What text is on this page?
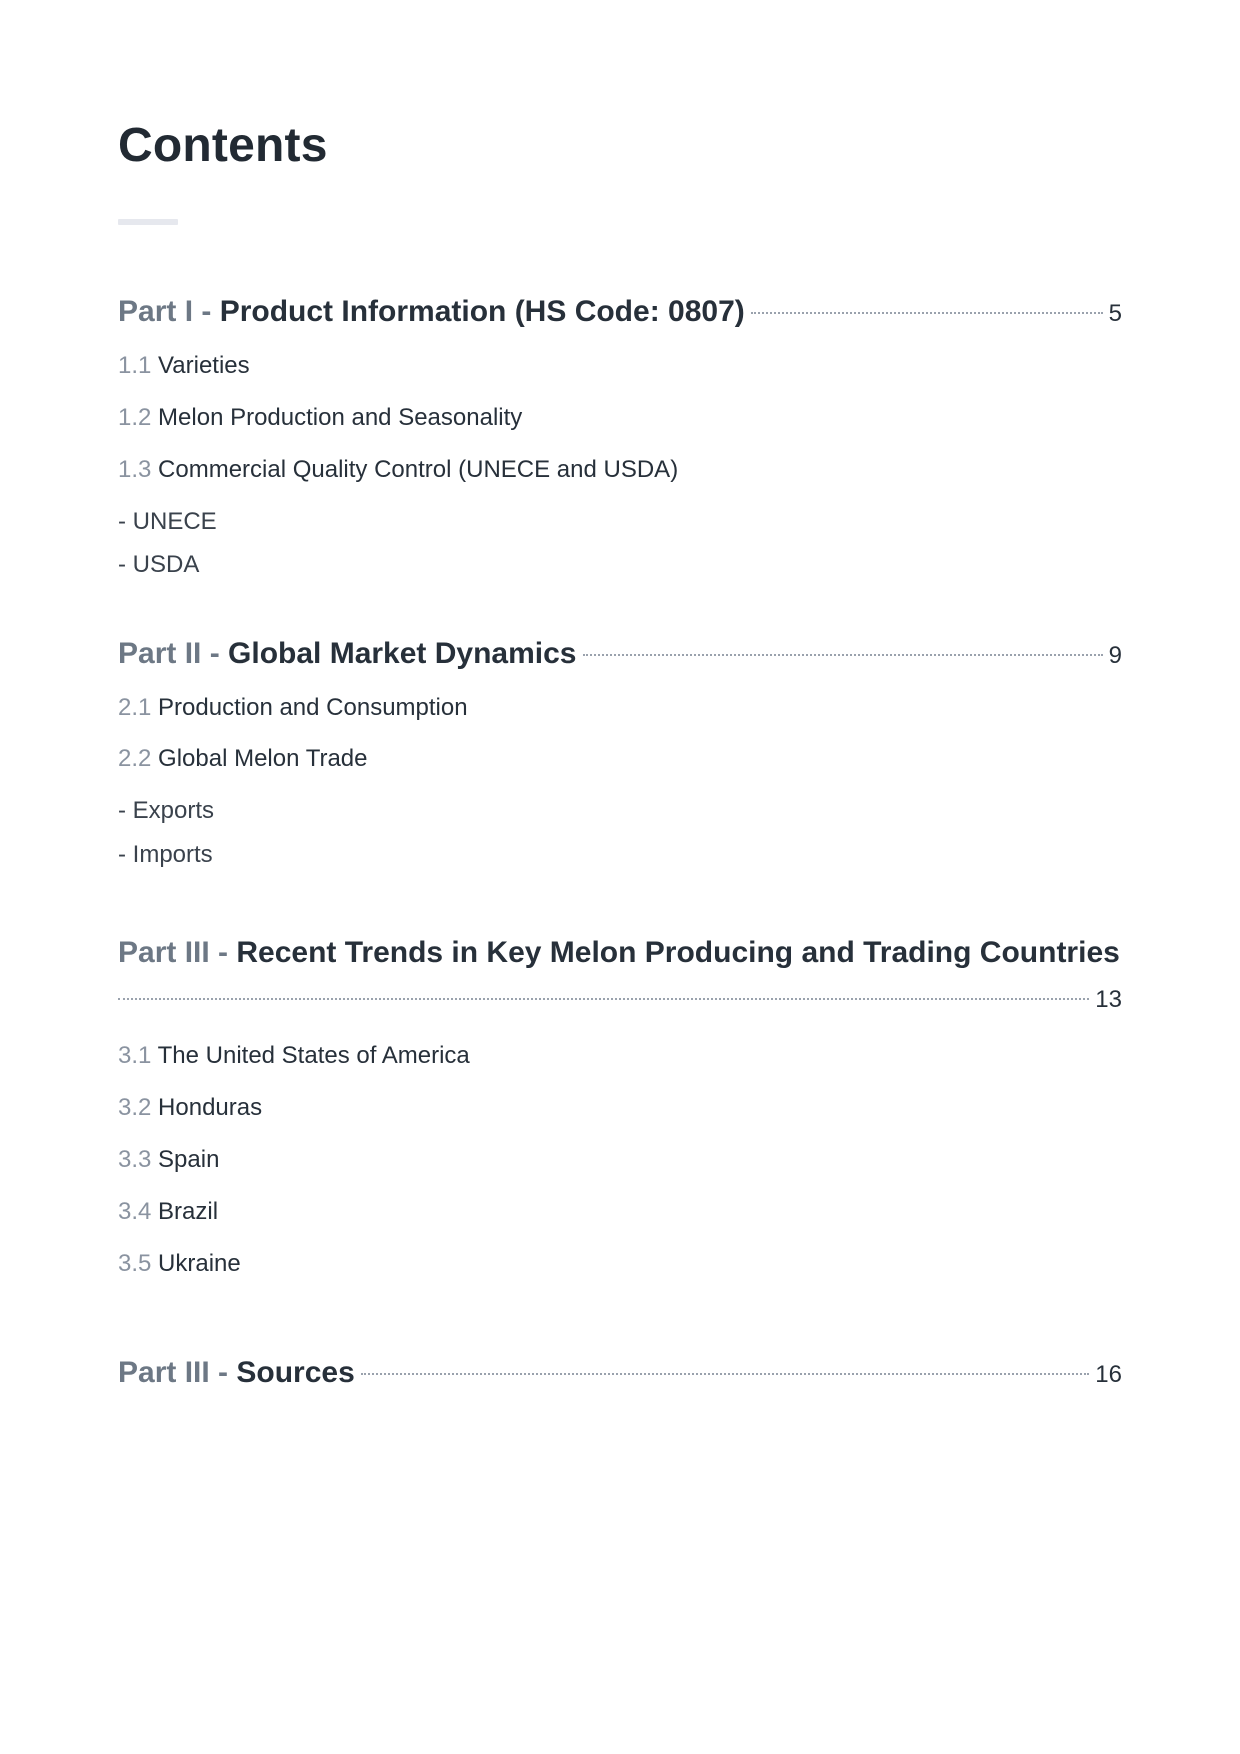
Contents
Part I - Product Information (HS Code: 0807)	5
1.1 Varieties
1.2 Melon Production and Seasonality
1.3 Commercial Quality Control (UNECE and USDA)
- UNECE
- USDA
Part II - Global Market Dynamics	9
2.1 Production and Consumption
2.2 Global Melon Trade
- Exports
- Imports
Part III - Recent Trends in Key Melon Producing and Trading Countries
13
3.1 The United States of America
3.2 Honduras
3.3 Spain
3.4 Brazil
3.5 Ukraine
Part III - Sources	16
